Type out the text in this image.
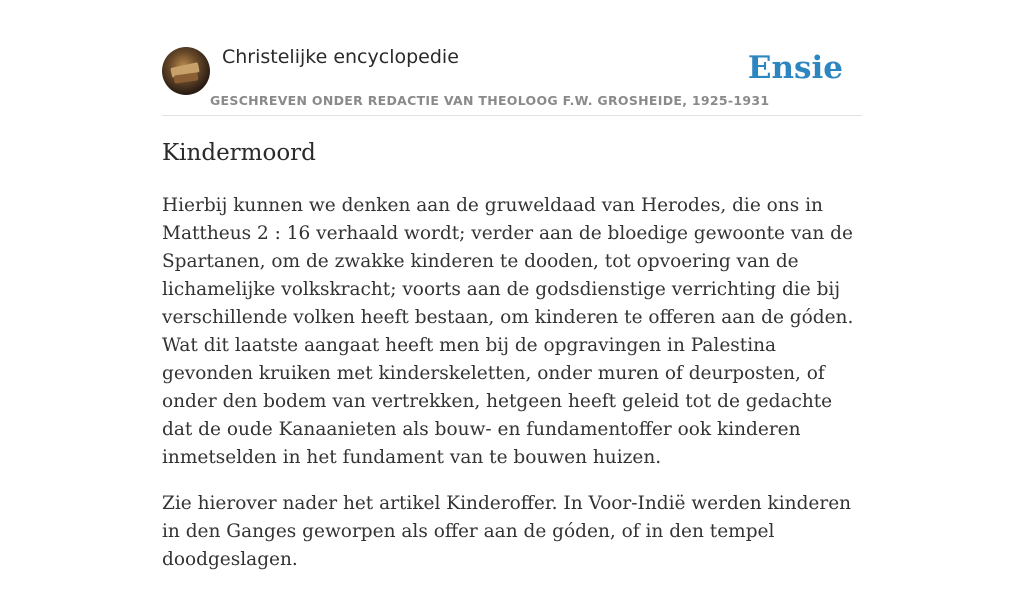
Christelijke encyclopedie
GESCHREVEN ONDER REDACTIE VAN THEOLOOG F.W. GROSHEIDE, 1925-1931
Ensie
Kindermoord

Hierbij kunnen we denken aan de gruweldaad van Herodes, die ons in Mattheus 2 : 16 verhaald wordt; verder aan de bloedige gewoonte van de Spartanen, om de zwakke kinderen te dooden, tot opvoering van de lichamelijke volkskracht; voorts aan de godsdienstige verrichting die bij verschillende volken heeft bestaan, om kinderen te offeren aan de góden. Wat dit laatste aangaat heeft men bij de opgravingen in Palestina gevonden kruiken met kinderskeletten, onder muren of deurposten, of onder den bodem van vertrekken, hetgeen heeft geleid tot de gedachte dat de oude Kanaanieten als bouw- en fundamentoffer ook kinderen inmetselden in het fundament van te bouwen huizen.

Zie hierover nader het artikel Kinderoffer. In Voor-Indië werden kinderen in den Ganges geworpen als offer aan de góden, of in den tempel doodgeslagen.
